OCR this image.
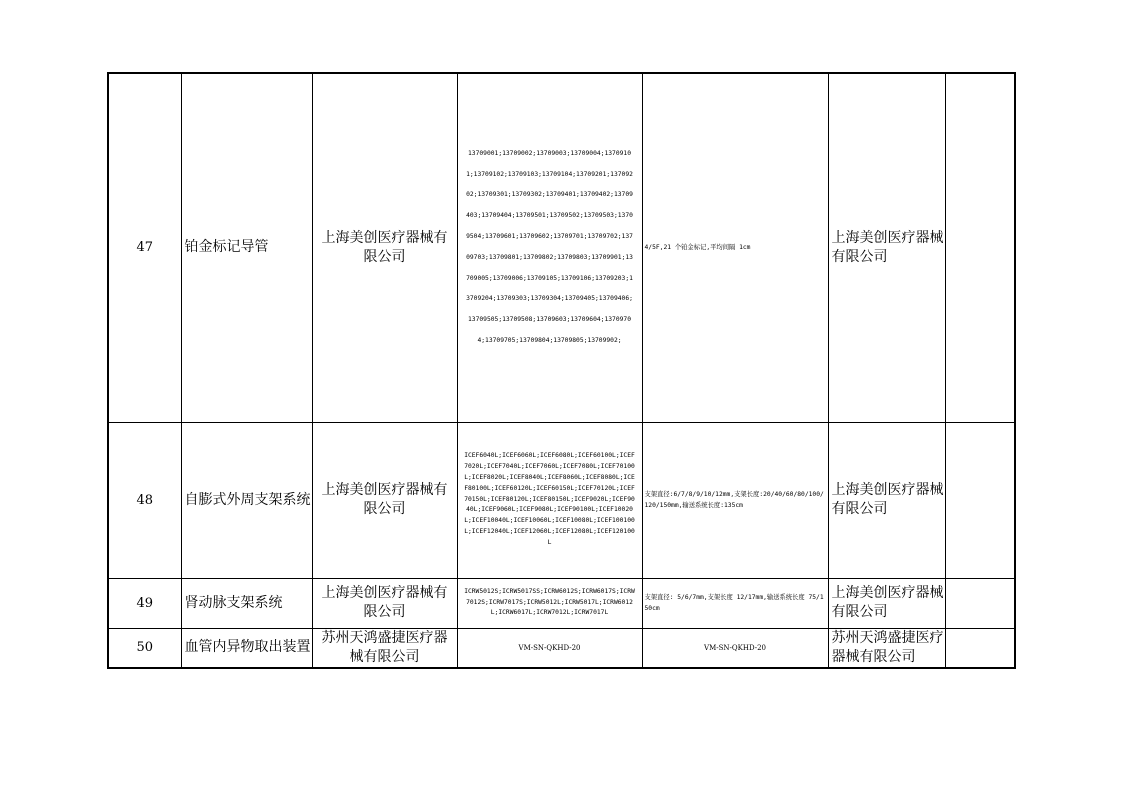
47	铂金标记导管	上海美创医疗器械有限公司	13709001;13709002;13709003;13709004;13709101;13709102;13709103;13709104;13709201;13709202;13709301;13709302;13709401;13709402;13709403;13709404;13709501;13709502;13709503;13709504;13709601;13709602;13709701;13709702;13709703;13709801;13709802;13709803;13709901;13709005;13709006;13709105;13709106;13709203;13709204;13709303;13709304;13709405;13709406;13709505;13709508;13709603;13709604;13709704;13709705;13709804;13709805;13709902;	4/5F,21 个铂金标记,平均间隔 1cm	上海美创医疗器械有限公司	
48	自膨式外周支架系统	上海美创医疗器械有限公司	ICEF6040L;ICEF6060L;ICEF6080L;ICEF60100L;ICEF7020L;ICEF7040L;ICEF7060L;ICEF7080L;ICEF70100L;ICEF8020L;ICEF8040L;ICEF8060L;ICEF8080L;ICEF80100L;ICEF60120L;ICEF60150L;ICEF70120L;ICEF70150L;ICEF80120L;ICEF80150L;ICEF9020L;ICEF9040L;ICEF9060L;ICEF9080L;ICEF90100L;ICEF10020L;ICEF10040L;ICEF10060L;ICEF10080L;ICEF100100L;ICEF12040L;ICEF12060L;ICEF12080L;ICEF120100L	支架直径:6/7/8/9/10/12mm,支架长度:20/40/60/80/100/120/150mm,输送系统长度:135cm	上海美创医疗器械有限公司	
49	肾动脉支架系统	上海美创医疗器械有限公司	ICRW5012S;ICRW5017SS;ICRW6012S;ICRW6017S;ICRW7012S;ICRW7017S;ICRW5012L;ICRW5017L;ICRW6012L;ICRW6017L;ICRW7012L;ICRW7017L	支架直径: 5/6/7mm,支架长度 12/17mm,输送系统长度 75/150cm	上海美创医疗器械有限公司	
50	血管内异物取出装置	苏州天鸿盛捷医疗器械有限公司	VM-SN-QKHD-20	VM-SN-QKHD-20	苏州天鸿盛捷医疗器械有限公司	
